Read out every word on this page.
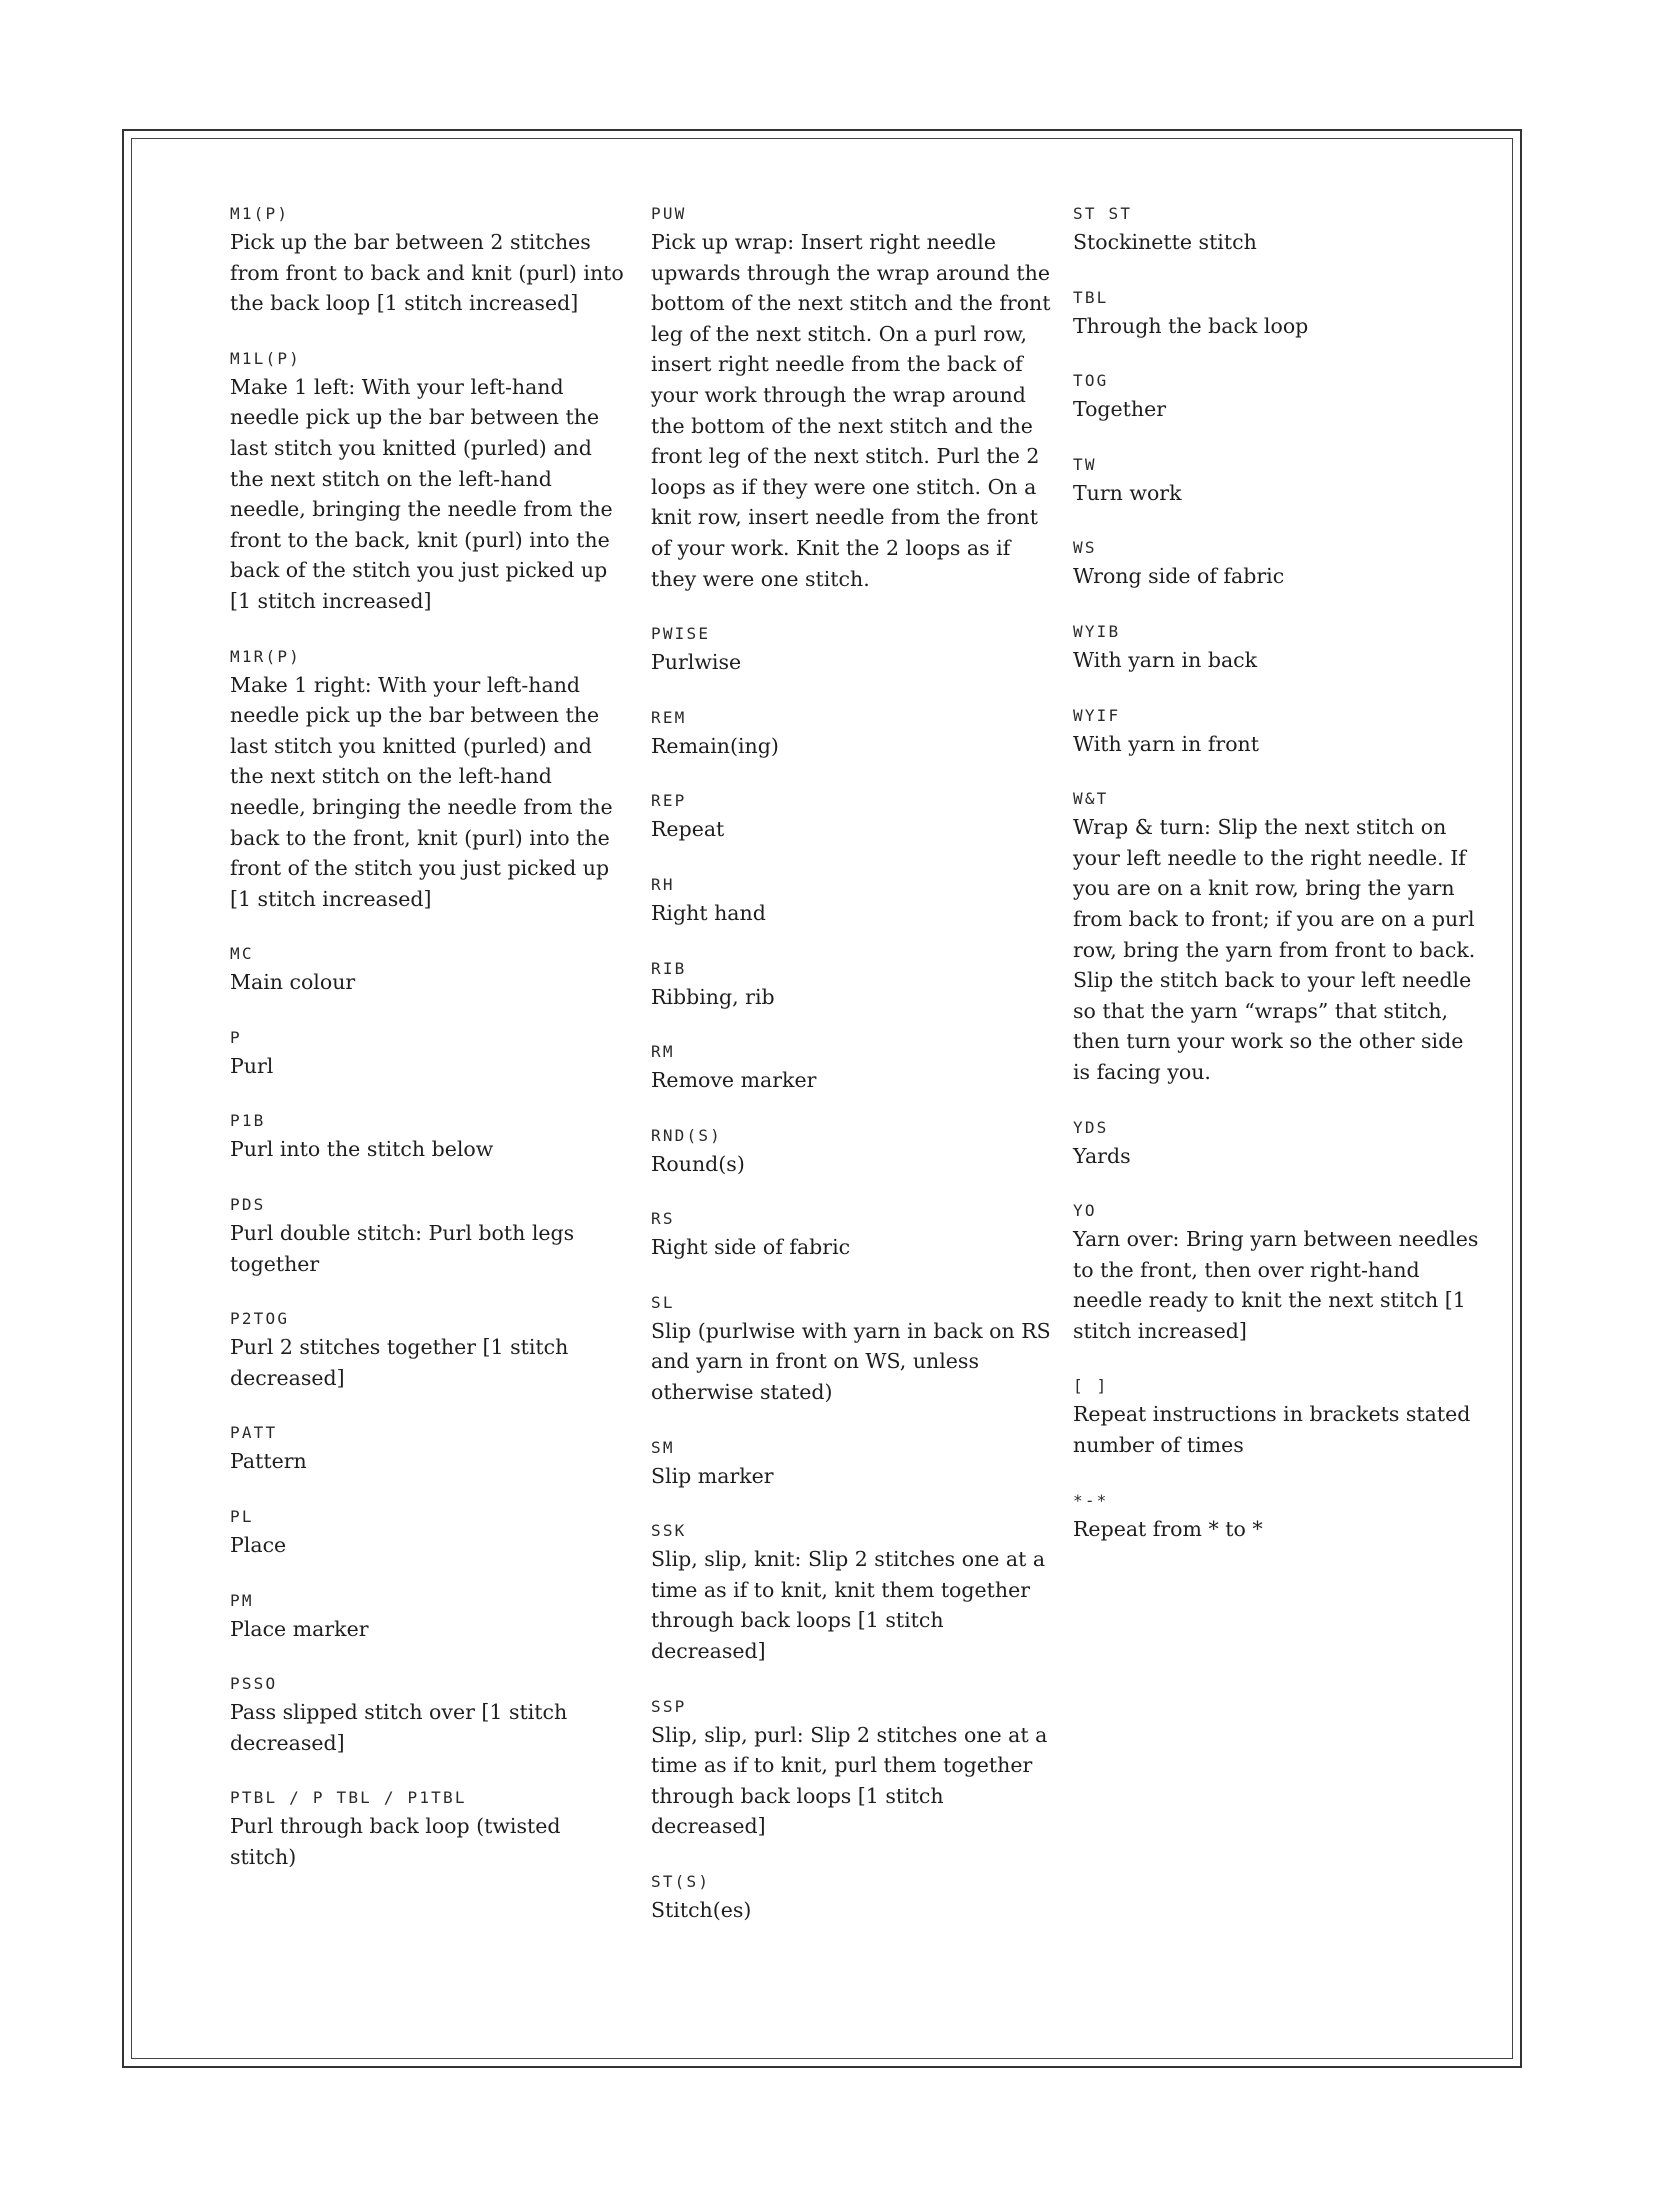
M1(P)
Pick up the bar between 2 stitches from front to back and knit (purl) into the back loop [1 stitch increased]
M1L(P)
Make 1 left: With your left-hand needle pick up the bar between the last stitch you knitted (purled) and the next stitch on the left-hand needle, bringing the needle from the front to the back, knit (purl) into the back of the stitch you just picked up [1 stitch increased]
M1R(P)
Make 1 right: With your left-hand needle pick up the bar between the last stitch you knitted (purled) and the next stitch on the left-hand needle, bringing the needle from the back to the front, knit (purl) into the front of the stitch you just picked up [1 stitch increased]
MC
Main colour
P
Purl
P1B
Purl into the stitch below
PDS
Purl double stitch: Purl both legs together
P2TOG
Purl 2 stitches together [1 stitch decreased]
PATT
Pattern
PL
Place
PM
Place marker
PSSO
Pass slipped stitch over [1 stitch decreased]
PTBL / P TBL / P1TBL
Purl through back loop (twisted stitch)
PUW
Pick up wrap: Insert right needle upwards through the wrap around the bottom of the next stitch and the front leg of the next stitch. On a purl row, insert right needle from the back of your work through the wrap around the bottom of the next stitch and the front leg of the next stitch. Purl the 2 loops as if they were one stitch. On a knit row, insert needle from the front of your work. Knit the 2 loops as if they were one stitch.
PWISE
Purlwise
REM
Remain(ing)
REP
Repeat
RH
Right hand
RIB
Ribbing, rib
RM
Remove marker
RND(S)
Round(s)
RS
Right side of fabric
SL
Slip (purlwise with yarn in back on RS and yarn in front on WS, unless otherwise stated)
SM
Slip marker
SSK
Slip, slip, knit: Slip 2 stitches one at a time as if to knit, knit them together through back loops [1 stitch decreased]
SSP
Slip, slip, purl: Slip 2 stitches one at a time as if to knit, purl them together through back loops [1 stitch decreased]
ST(S)
Stitch(es)
ST ST
Stockinette stitch
TBL
Through the back loop
TOG
Together
TW
Turn work
WS
Wrong side of fabric
WYIB
With yarn in back
WYIF
With yarn in front
W&T
Wrap & turn: Slip the next stitch on your left needle to the right needle. If you are on a knit row, bring the yarn from back to front; if you are on a purl row, bring the yarn from front to back. Slip the stitch back to your left needle so that the yarn “wraps” that stitch, then turn your work so the other side is facing you.
YDS
Yards
YO
Yarn over: Bring yarn between needles to the front, then over right-hand needle ready to knit the next stitch [1 stitch increased]
[ ]
Repeat instructions in brackets stated number of times
*-*
Repeat from * to *
